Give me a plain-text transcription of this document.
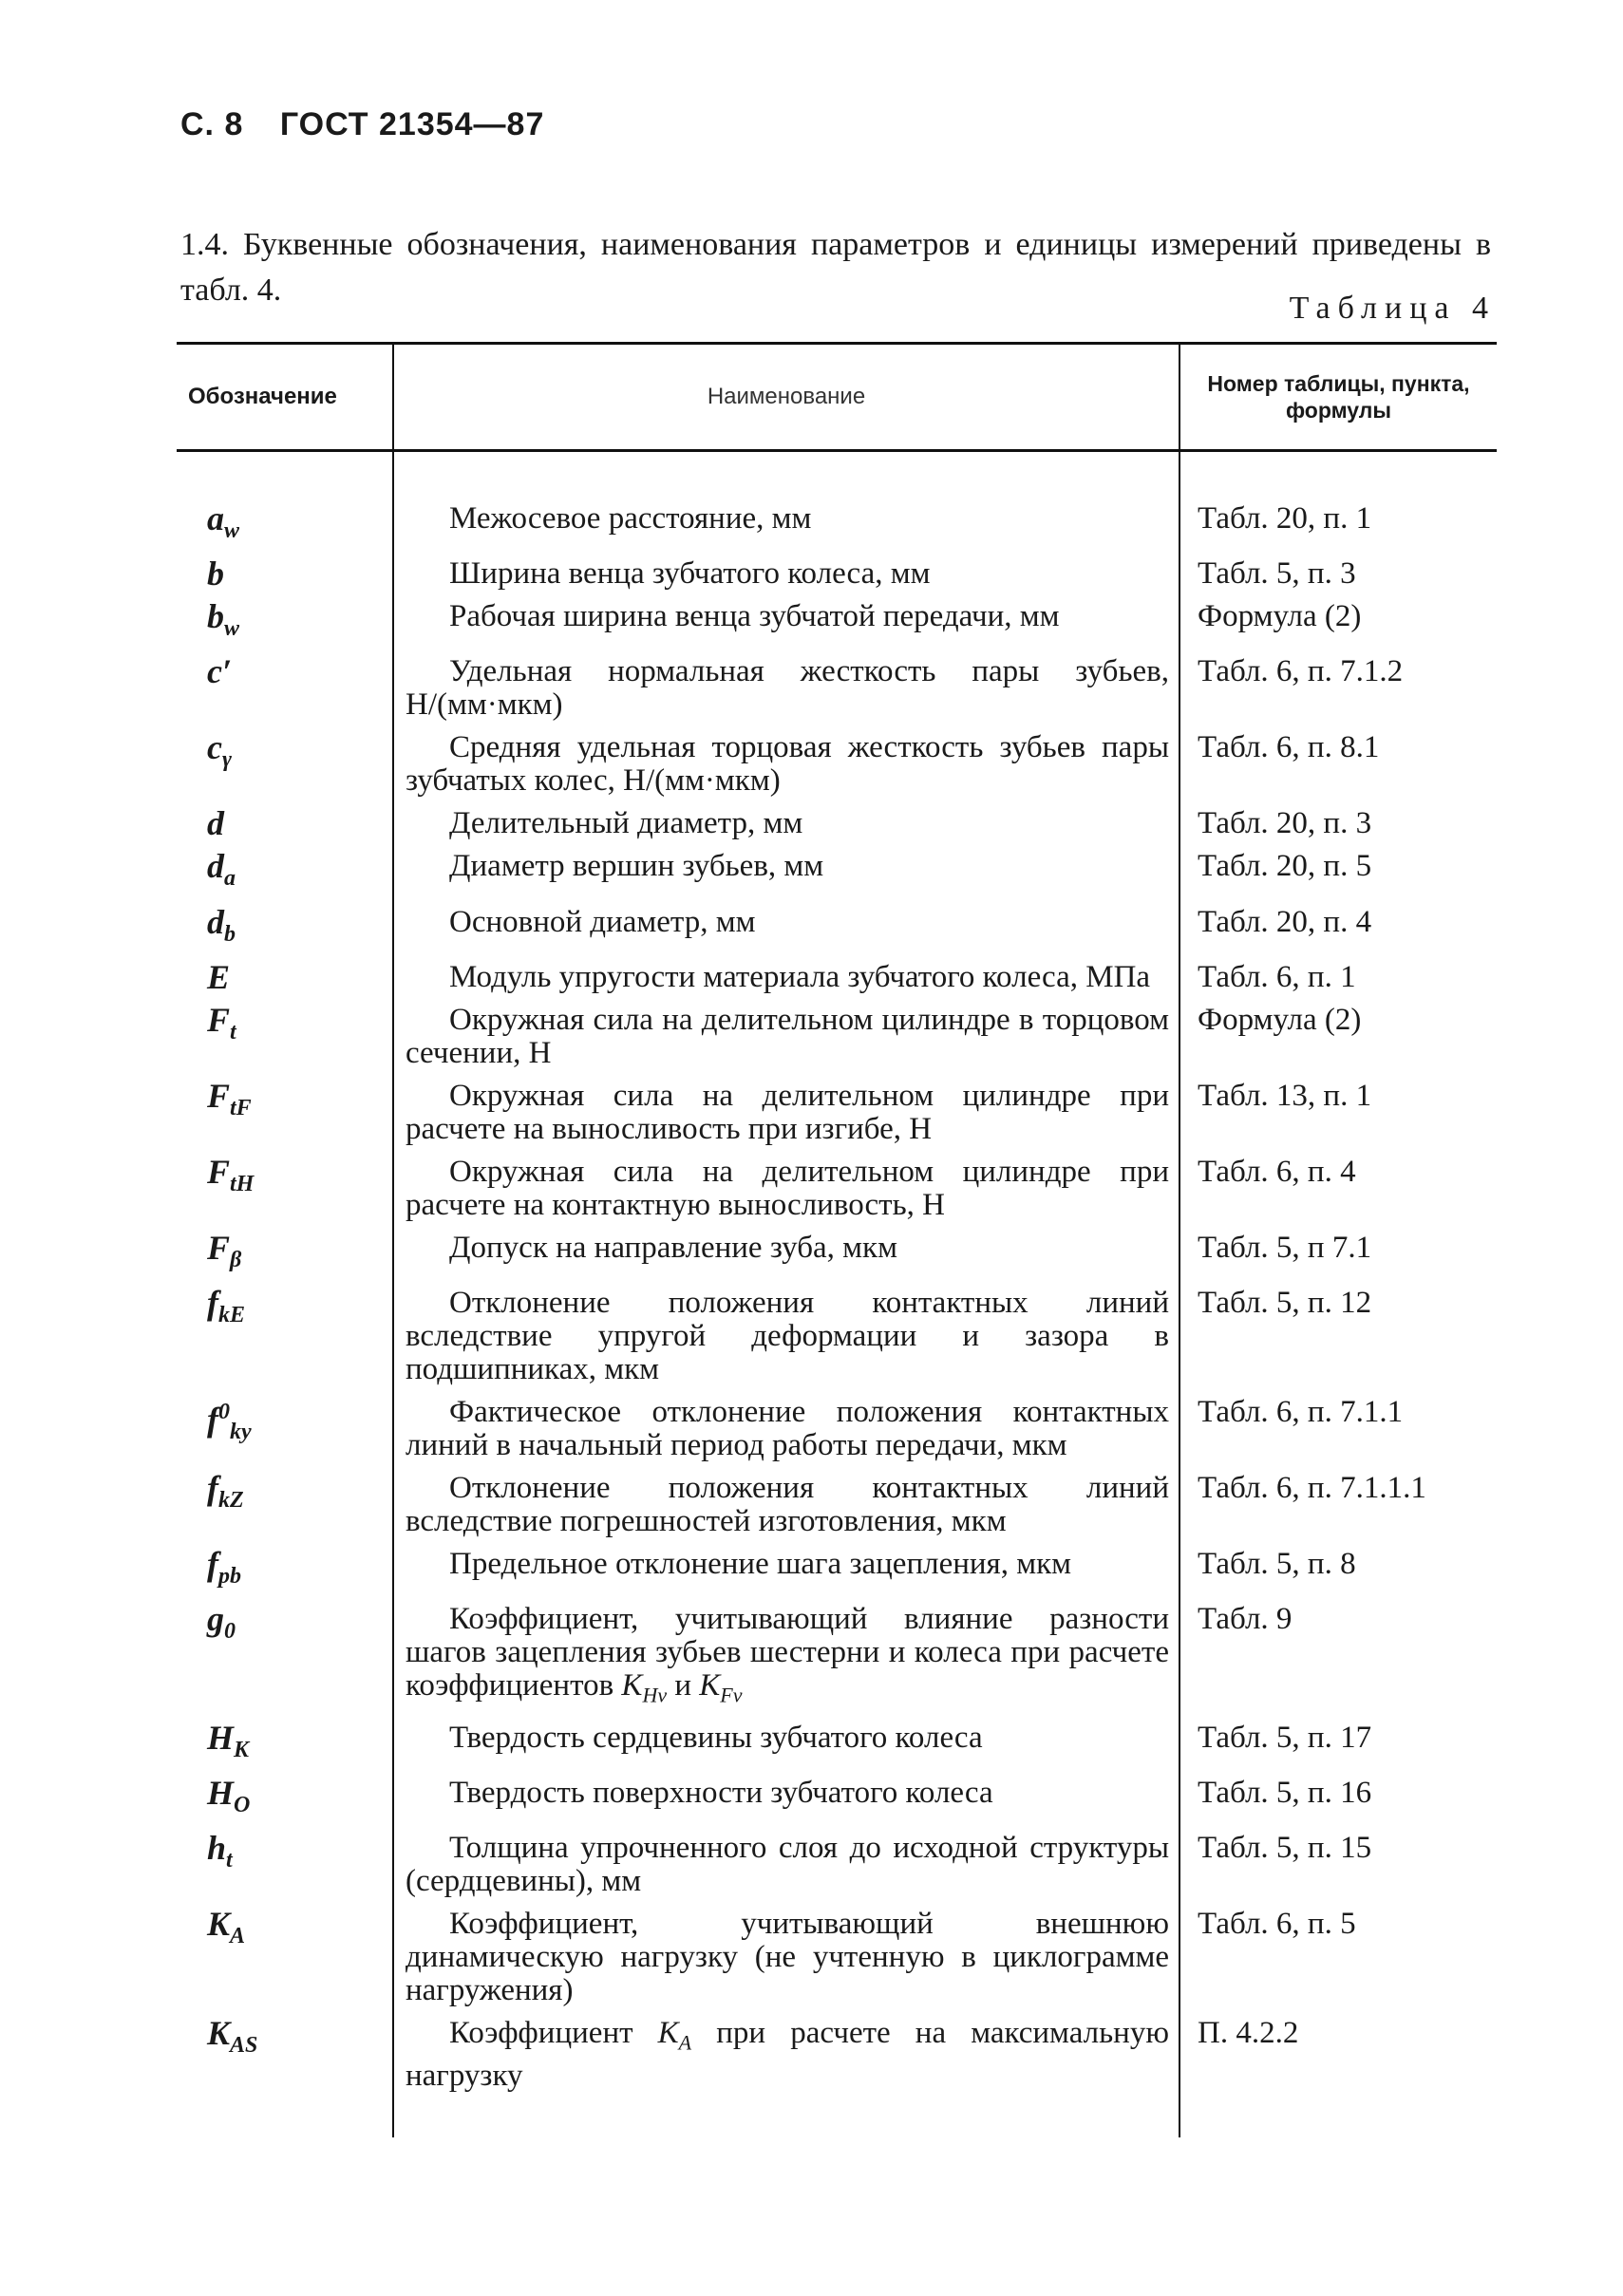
С. 8 ГОСТ 21354—87

1.4. Буквенные обозначения, наименования параметров и единицы измерений приведены в табл. 4.

Таблица 4
Обозначение	Наименование	Номер таблицы, пункта, формулы

$a_w$	Межосевое расстояние, мм	Табл. 20, п. 1
b	Ширина венца зубчатого колеса, мм	Табл. 5, п. 3
$b_w$	Рабочая ширина венца зубчатой передачи, мм	Формула (2)
c′	Удельная нормальная жесткость пары зубьев, Н/(мм·мкм)	Табл. 6, п. 7.1.2
$c_\gamma$	Средняя удельная торцовая жесткость зубьев пары зубчатых колес, Н/(мм·мкм)	Табл. 6, п. 8.1
d	Делительный диаметр, мм	Табл. 20, п. 3
$d_a$	Диаметр вершин зубьев, мм	Табл. 20, п. 5
$d_b$	Основной диаметр, мм	Табл. 20, п. 4
E	Модуль упругости материала зубчатого колеса, МПа	Табл. 6, п. 1
$F_t$	Окружная сила на делительном цилиндре в торцовом сечении, Н	Формула (2)
$F_{tF}$	Окружная сила на делительном цилиндре при расчете на выносливость при изгибе, Н	Табл. 13, п. 1
$F_{tH}$	Окружная сила на делительном цилиндре при расчете на контактную выносливость, Н	Табл. 6, п. 4
$F_\beta$	Допуск на направление зуба, мкм	Табл. 5, п 7.1
$f_{kE}$	Отклонение положения контактных линий вследствие упругой деформации и зазора в подшипниках, мкм	Табл. 5, п. 12
$f^0_{ky}$	Фактическое отклонение положения контактных линий в начальный период работы передачи, мкм	Табл. 6, п. 7.1.1
$f_{kZ}$	Отклонение положения контактных линий вследствие погрешностей изготовления, мкм	Табл. 6, п. 7.1.1.1
$f_{pb}$	Предельное отклонение шага зацепления, мкм	Табл. 5, п. 8
$g_0$	Коэффициент, учитывающий влияние разности шагов зацепления зубьев шестерни и колеса при расчете коэффициентов $K_{Hv}$ и $K_{Fv}$	Табл. 9
$H_K$	Твердость сердцевины зубчатого колеса	Табл. 5, п. 17
$H_O$	Твердость поверхности зубчатого колеса	Табл. 5, п. 16
$h_t$	Толщина упрочненного слоя до исходной структуры (сердцевины), мм	Табл. 5, п. 15
$K_A$	Коэффициент, учитывающий внешнюю динамическую нагрузку (не учтенную в циклограмме нагружения)	Табл. 6, п. 5
$K_{AS}$	Коэффициент $K_A$ при расчете на максимальную нагрузку	П. 4.2.2
